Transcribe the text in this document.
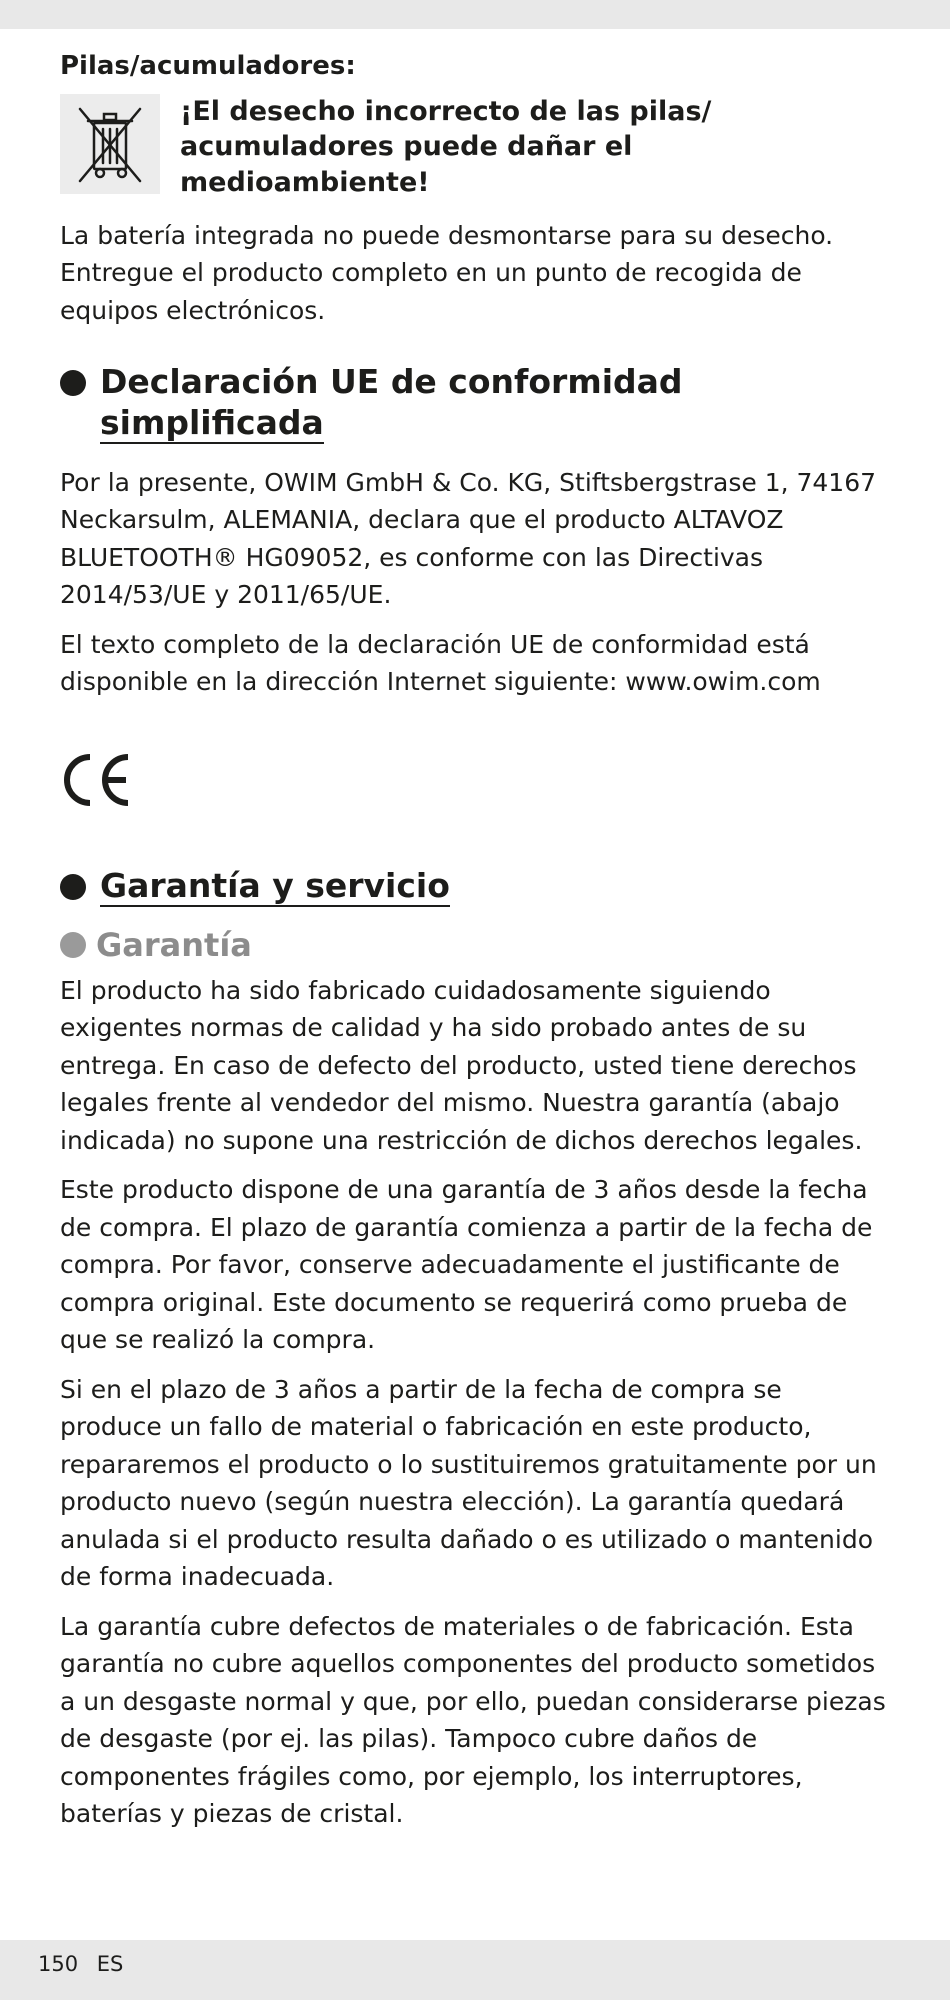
Pilas/acumuladores:
¡El desecho incorrecto de las pilas/
acumuladores puede dañar el medioambiente!

La batería integrada no puede desmontarse para su desecho. Entregue el producto completo en un punto de recogida de equipos electrónicos.

Declaración UE de conformidad
simplificada

Por la presente, OWIM GmbH & Co. KG, Stiftsbergstrase 1, 74167 Neckarsulm, ALEMANIA, declara que el producto ALTAVOZ BLUETOOTH® HG09052, es conforme con las Directivas 2014/53/UE y 2011/65/UE.

El texto completo de la declaración UE de conformidad está disponible en la dirección Internet siguiente: www.owim.com

Garantía y servicio
Garantía

El producto ha sido fabricado cuidadosamente siguiendo exigentes normas de calidad y ha sido probado antes de su entrega. En caso de defecto del producto, usted tiene derechos legales frente al vendedor del mismo. Nuestra garantía (abajo indicada) no supone una restricción de dichos derechos legales.

Este producto dispone de una garantía de 3 años desde la fecha de compra. El plazo de garantía comienza a partir de la fecha de compra. Por favor, conserve adecuadamente el justificante de compra original. Este documento se requerirá como prueba de que se realizó la compra.

Si en el plazo de 3 años a partir de la fecha de compra se produce un fallo de material o fabricación en este producto, repararemos el producto o lo sustituiremos gratuitamente por un producto nuevo (según nuestra elección). La garantía quedará anulada si el producto resulta dañado o es utilizado o mantenido de forma inadecuada.

La garantía cubre defectos de materiales o de fabricación. Esta garantía no cubre aquellos componentes del producto sometidos a un desgaste normal y que, por ello, puedan considerarse piezas de desgaste (por ej. las pilas). Tampoco cubre daños de componentes frágiles como, por ejemplo, los interruptores, baterías y piezas de cristal.

150 ES
